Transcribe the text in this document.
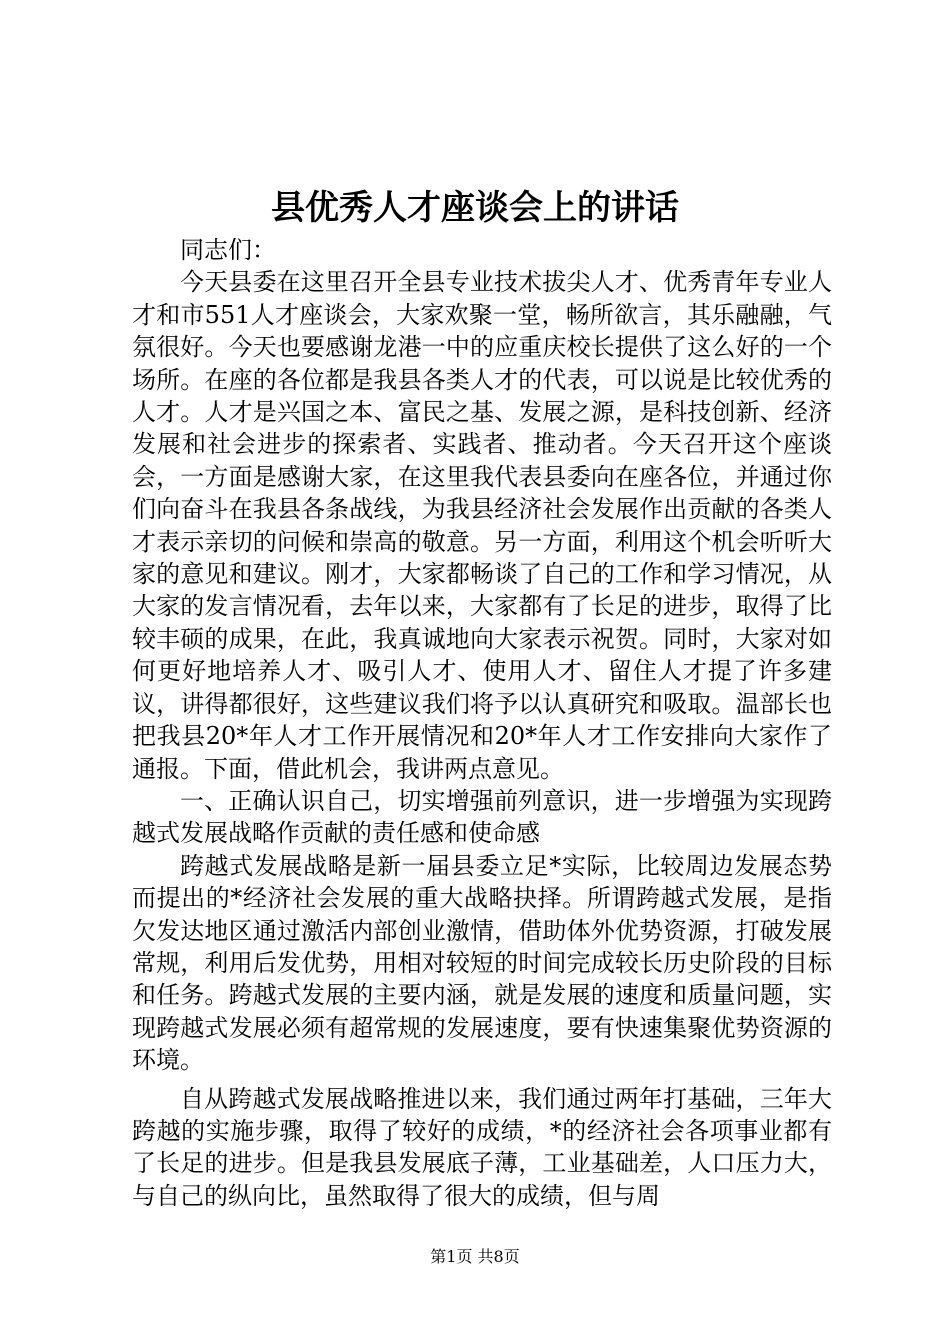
县优秀人才座谈会上的讲话

同志们：

今天县委在这里召开全县专业技术拔尖人才、优秀青年专业人才和市551人才座谈会，大家欢聚一堂，畅所欲言，其乐融融，气氛很好。今天也要感谢龙港一中的应重庆校长提供了这么好的一个场所。在座的各位都是我县各类人才的代表，可以说是比较优秀的人才。人才是兴国之本、富民之基、发展之源，是科技创新、经济发展和社会进步的探索者、实践者、推动者。今天召开这个座谈会，一方面是感谢大家，在这里我代表县委向在座各位，并通过你们向奋斗在我县各条战线，为我县经济社会发展作出贡献的各类人才表示亲切的问候和崇高的敬意。另一方面，利用这个机会听听大家的意见和建议。刚才，大家都畅谈了自己的工作和学习情况，从大家的发言情况看，去年以来，大家都有了长足的进步，取得了比较丰硕的成果，在此，我真诚地向大家表示祝贺。同时，大家对如何更好地培养人才、吸引人才、使用人才、留住人才提了许多建议，讲得都很好，这些建议我们将予以认真研究和吸取。温部长也把我县20*年人才工作开展情况和20*年人才工作安排向大家作了通报。下面，借此机会，我讲两点意见。

一、正确认识自己，切实增强前列意识，进一步增强为实现跨越式发展战略作贡献的责任感和使命感

跨越式发展战略是新一届县委立足*实际，比较周边发展态势而提出的*经济社会发展的重大战略抉择。所谓跨越式发展，是指欠发达地区通过激活内部创业激情，借助体外优势资源，打破发展常规，利用后发优势，用相对较短的时间完成较长历史阶段的目标和任务。跨越式发展的主要内涵，就是发展的速度和质量问题，实现跨越式发展必须有超常规的发展速度，要有快速集聚优势资源的环境。

自从跨越式发展战略推进以来，我们通过两年打基础，三年大跨越的实施步骤，取得了较好的成绩，*的经济社会各项事业都有了长足的进步。但是我县发展底子薄，工业基础差，人口压力大，与自己的纵向比，虽然取得了很大的成绩，但与周

第1页 共8页
